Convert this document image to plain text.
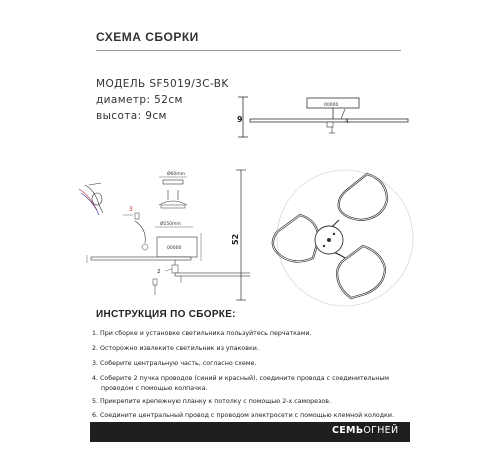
СХЕМА СБОРКИ
МОДЕЛЬ SF5019/3C-BK
диаметр: 52см
высота: 9см	9
00000
4
Ø60mm
3
Ø150mm
00000
2
52
ИНСТРУКЦИЯ ПО СБОРКЕ:
1. При сборке и установке светильника пользуйтесь перчатками.
2. Осторожно извлеките светильник из упаковки.
3. Соберите центральную часть, согласно схеме.
4. Соберите 2 пучка проводов (синий и красный), соедините провода с соединительным
проводом с помощью колпачка.
5. Прикрепите крепежную планку к потолку с помощью 2-х саморезов.
6. Соедините центральный провод с проводом электросети с помощью клемной колодки.
СЕМЬОГНЕЙ
